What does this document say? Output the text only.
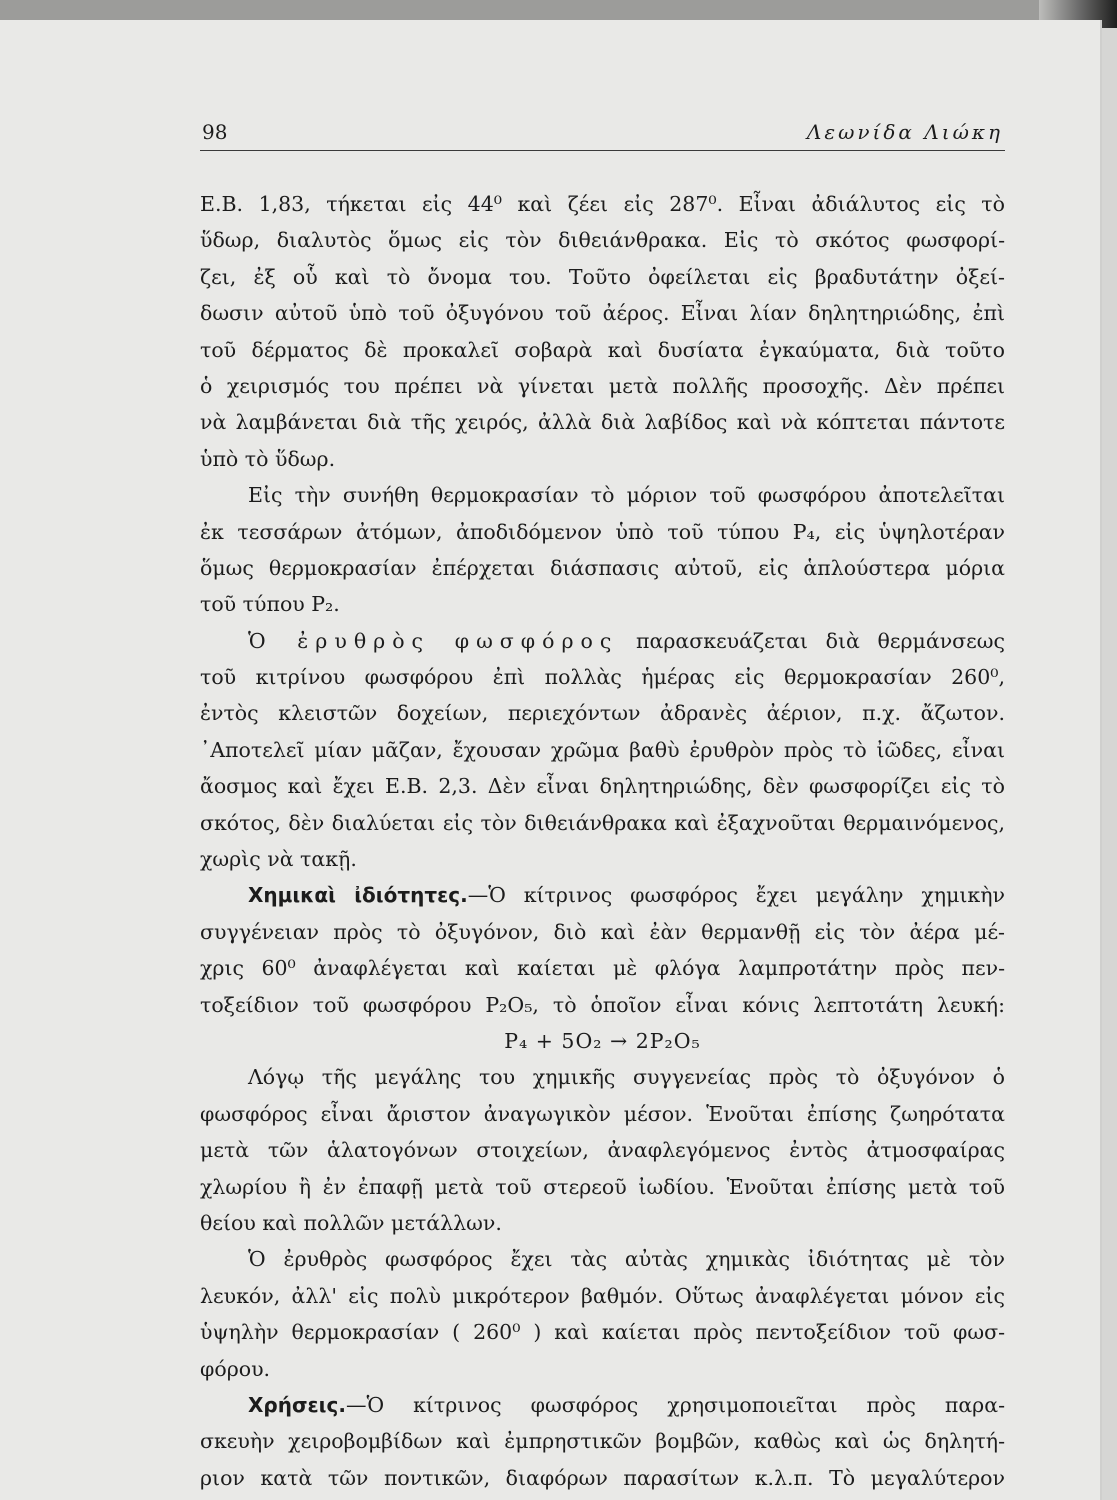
98	Λεωνίδα Λιώκη
Ε.Β. 1,83, τήκεται εἰς 44⁰ καὶ ζέει εἰς 287⁰. Εἶναι ἀδιάλυτος εἰς τὸ
ὕδωρ, διαλυτὸς ὅμως εἰς τὸν διθειάνθρακα. Εἰς τὸ σκότος φωσφορί-
ζει, ἐξ οὗ καὶ τὸ ὄνομα του. Τοῦτο ὀφείλεται εἰς βραδυτάτην ὀξεί-
δωσιν αὐτοῦ ὑπὸ τοῦ ὀξυγόνου τοῦ ἀέρος. Εἶναι λίαν δηλητηριώδης, ἐπὶ
τοῦ δέρματος δὲ προκαλεῖ σοβαρὰ καὶ δυσίατα ἐγκαύματα, διὰ τοῦτο
ὁ χειρισμός του πρέπει νὰ γίνεται μετὰ πολλῆς προσοχῆς. Δὲν πρέπει
νὰ λαμβάνεται διὰ τῆς χειρός, ἀλλὰ διὰ λαβίδος καὶ νὰ κόπτεται πάντοτε
ὑπὸ τὸ ὕδωρ.
Εἰς τὴν συνήθη θερμοκρασίαν τὸ μόριον τοῦ φωσφόρου ἀποτελεῖται
ἐκ τεσσάρων ἀτόμων, ἀποδιδόμενον ὑπὸ τοῦ τύπου P₄, εἰς ὑψηλοτέραν
ὅμως θερμοκρασίαν ἐπέρχεται διάσπασις αὐτοῦ, εἰς ἁπλούστερα μόρια
τοῦ τύπου P₂.
Ὁ ἐρυθρὸς φωσφόρος παρασκευάζεται διὰ θερμάνσεως
τοῦ κιτρίνου φωσφόρου ἐπὶ πολλὰς ἡμέρας εἰς θερμοκρασίαν 260⁰,
ἐντὸς κλειστῶν δοχείων, περιεχόντων ἀδρανὲς ἀέριον, π.χ. ἄζωτον.
᾿Αποτελεῖ μίαν μᾶζαν, ἔχουσαν χρῶμα βαθὺ ἐρυθρὸν πρὸς τὸ ἰῶδες, εἶναι
ἄοσμος καὶ ἔχει Ε.Β. 2,3. Δὲν εἶναι δηλητηριώδης, δὲν φωσφορίζει εἰς τὸ
σκότος, δὲν διαλύεται εἰς τὸν διθειάνθρακα καὶ ἐξαχνοῦται θερμαινόμενος,
χωρὶς νὰ τακῇ.
Χημικαὶ ἰδιότητες.—Ὁ κίτρινος φωσφόρος ἔχει μεγάλην χημικὴν
συγγένειαν πρὸς τὸ ὀξυγόνον, διὸ καὶ ἐὰν θερμανθῇ εἰς τὸν ἀέρα μέ-
χρις 60⁰ ἀναφλέγεται καὶ καίεται μὲ φλόγα λαμπροτάτην πρὸς πεν-
τοξείδιον τοῦ φωσφόρου P₂O₅, τὸ ὁποῖον εἶναι κόνις λεπτοτάτη λευκή:
P₄ + 5O₂ → 2P₂O₅
Λόγῳ τῆς μεγάλης του χημικῆς συγγενείας πρὸς τὸ ὀξυγόνον ὁ
φωσφόρος εἶναι ἄριστον ἀναγωγικὸν μέσον. Ἑνοῦται ἐπίσης ζωηρότατα
μετὰ τῶν ἁλατογόνων στοιχείων, ἀναφλεγόμενος ἐντὸς ἀτμοσφαίρας
χλωρίου ἢ ἐν ἐπαφῇ μετὰ τοῦ στερεοῦ ἰωδίου. Ἑνοῦται ἐπίσης μετὰ τοῦ
θείου καὶ πολλῶν μετάλλων.
Ὁ ἐρυθρὸς φωσφόρος ἔχει τὰς αὐτὰς χημικὰς ἰδιότητας μὲ τὸν
λευκόν, ἀλλ' εἰς πολὺ μικρότερον βαθμόν. Οὕτως ἀναφλέγεται μόνον εἰς
ὑψηλὴν θερμοκρασίαν ( 260⁰ ) καὶ καίεται πρὸς πεντοξείδιον τοῦ φωσ-
φόρου.
Χρήσεις.—Ὁ κίτρινος φωσφόρος χρησιμοποιεῖται πρὸς παρα-
σκευὴν χειροβομβίδων καὶ ἐμπρηστικῶν βομβῶν, καθὼς καὶ ὡς δηλητή-
ριον κατὰ τῶν ποντικῶν, διαφόρων παρασίτων κ.λ.π. Τὸ μεγαλύτερον
